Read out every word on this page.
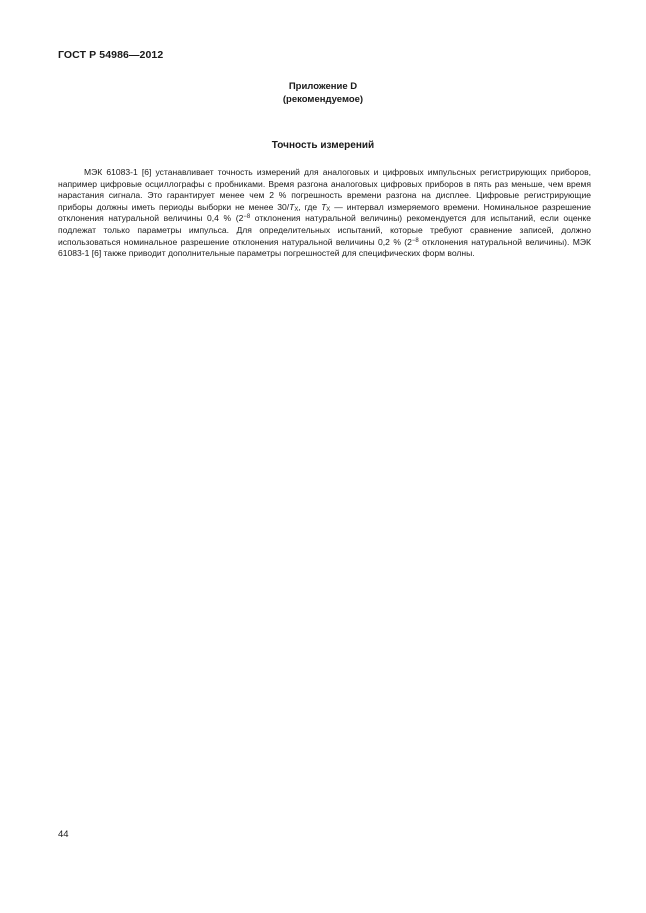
ГОСТ Р 54986—2012
Приложение D
(рекомендуемое)
Точность измерений

МЭК 61083-1 [6] устанавливает точность измерений для аналоговых и цифровых импульсных регистрирующих приборов, например цифровые осциллографы с пробниками. Время разгона аналоговых цифровых приборов в пять раз меньше, чем время нарастания сигнала. Это гарантирует менее чем 2 % погрешность времени разгона на дисплее. Цифровые регистрирующие приборы должны иметь периоды выборки не менее $30/T_X$, где $T_X$ — интервал измеряемого времени. Номинальное разрешение отклонения натуральной величины 0,4 % ($2^{-8}$ отклонения натуральной величины) рекомендуется для испытаний, если оценке подлежат только параметры импульса. Для определительных испытаний, которые требуют сравнение записей, должно использоваться номинальное разрешение отклонения натуральной величины 0,2 % ($2^{-8}$ отклонения натуральной величины). МЭК 61083-1 [6] также приводит дополнительные параметры погрешностей для специфических форм волны.

44
